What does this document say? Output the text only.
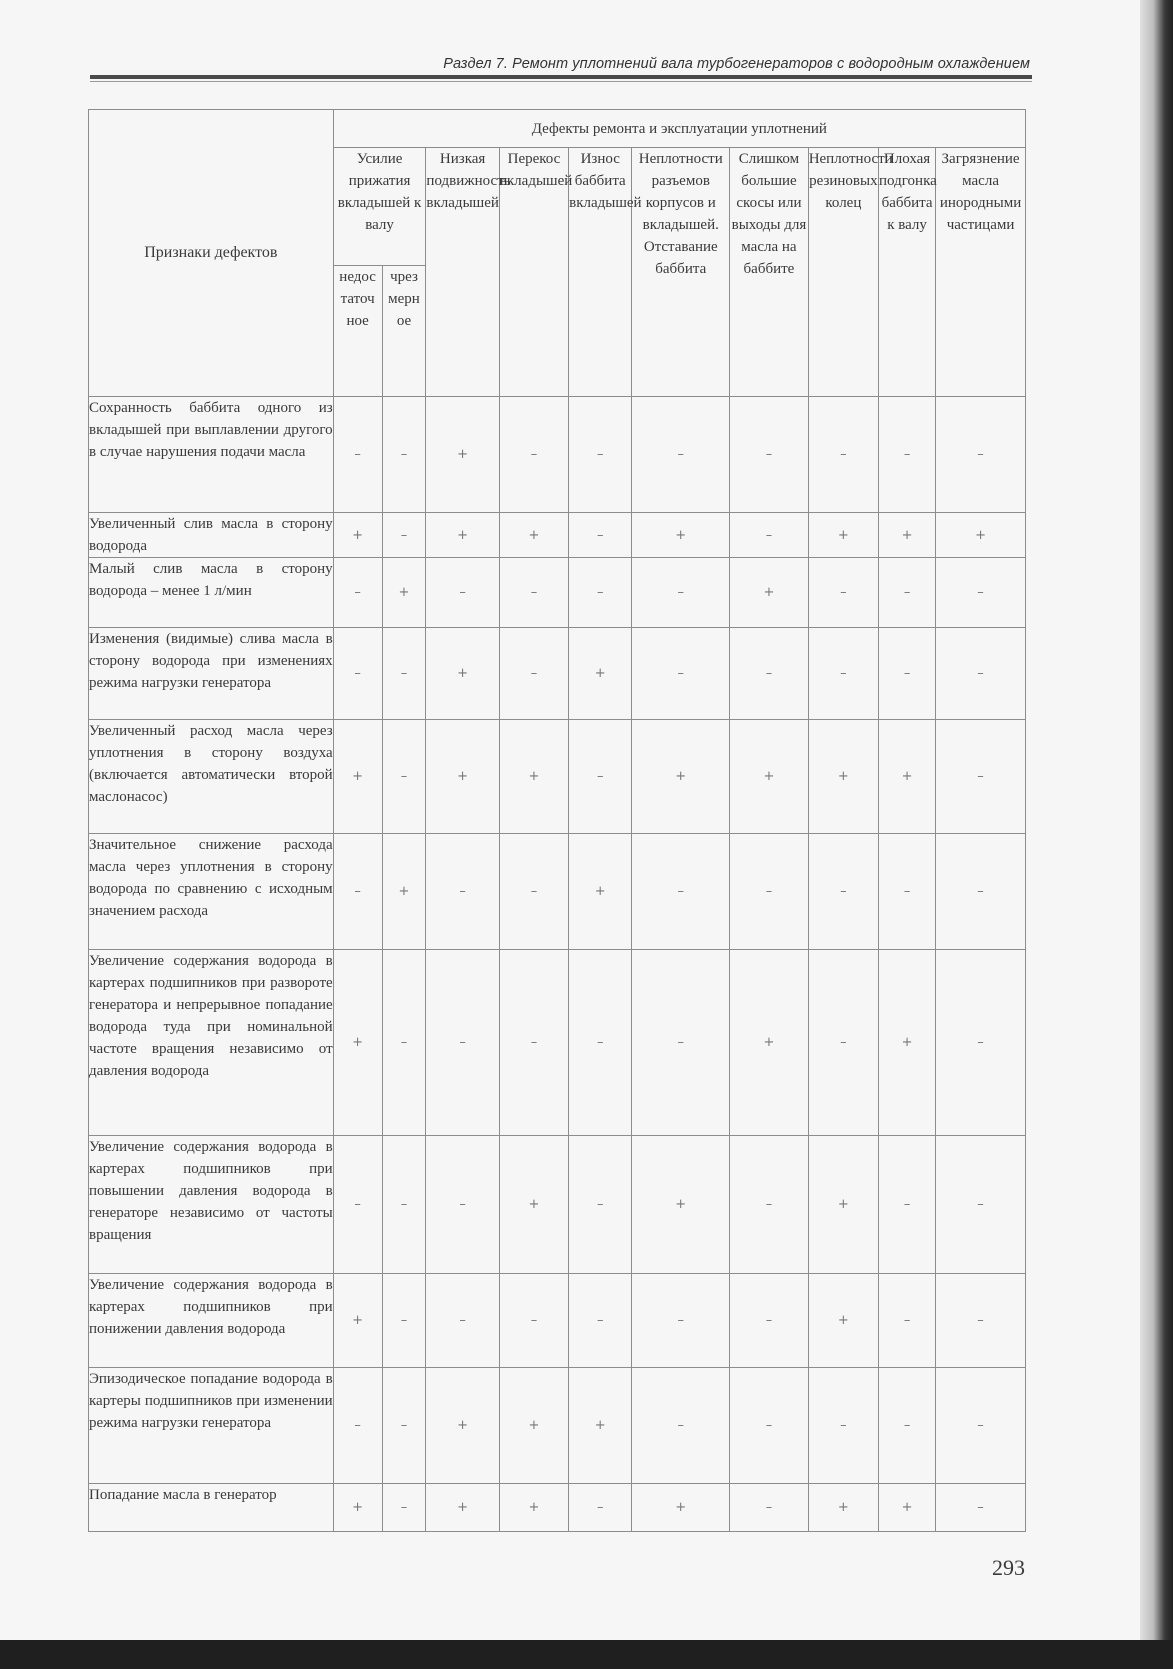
Раздел 7. Ремонт уплотнений вала турбогенераторов с водородным охлаждением
Признаки дефектов	Дефекты ремонта и эксплуатации уплотнений									
	Усилие прижатия вкладышей к валу		Низкая подвижность вкладышей	Перекос вкладышей	Износ баббита вкладышей	Неплотности разъемов корпусов и вкладышей. Отставание баббита	Слишком большие скосы или выходы для масла на баббите	Неплотности резиновых колец	Плохая подгонка баббита к валу	Загрязнение масла инородными частицами
	недостаточное	чрезмерное								
Сохранность баббита одного из вкладышей при выплавлении другого в случае нарушения подачи масла	–	–	+	–	–	–	–	–	–	–
Увеличенный слив масла в сторону водорода	+	–	+	+	–	+	–	+	+	+
Малый слив масла в сторону водорода – менее 1 л/мин	–	+	–	–	–	–	+	–	–	–
Изменения (видимые) слива масла в сторону водорода при изменениях режима нагрузки генератора	–	–	+	–	+	–	–	–	–	–
Увеличенный расход масла через уплотнения в сторону воздуха (включается автоматически второй маслонасос)	+	–	+	+	–	+	+	+	+	–
Значительное снижение расхода масла через уплотнения в сторону водорода по сравнению с исходным значением расхода	–	+	–	–	+	–	–	–	–	–
Увеличение содержания водорода в картерах подшипников при развороте генератора и непрерывное попадание водорода туда при номинальной частоте вращения независимо от давления водорода	+	–	–	–	–	–	+	–	+	–
Увеличение содержания водорода в картерах подшипников при повышении давления водорода в генераторе независимо от частоты вращения	–	–	–	+	–	+	–	+	–	–
Увеличение содержания водорода в картерах подшипников при понижении давления водорода	+	–	–	–	–	–	–	+	–	–
Эпизодическое попадание водорода в картеры подшипников при изменении режима нагрузки генератора	–	–	+	+	+	–	–	–	–	–
Попадание масла в генератор	+	–	+	+	–	+	–	+	+	–
293
